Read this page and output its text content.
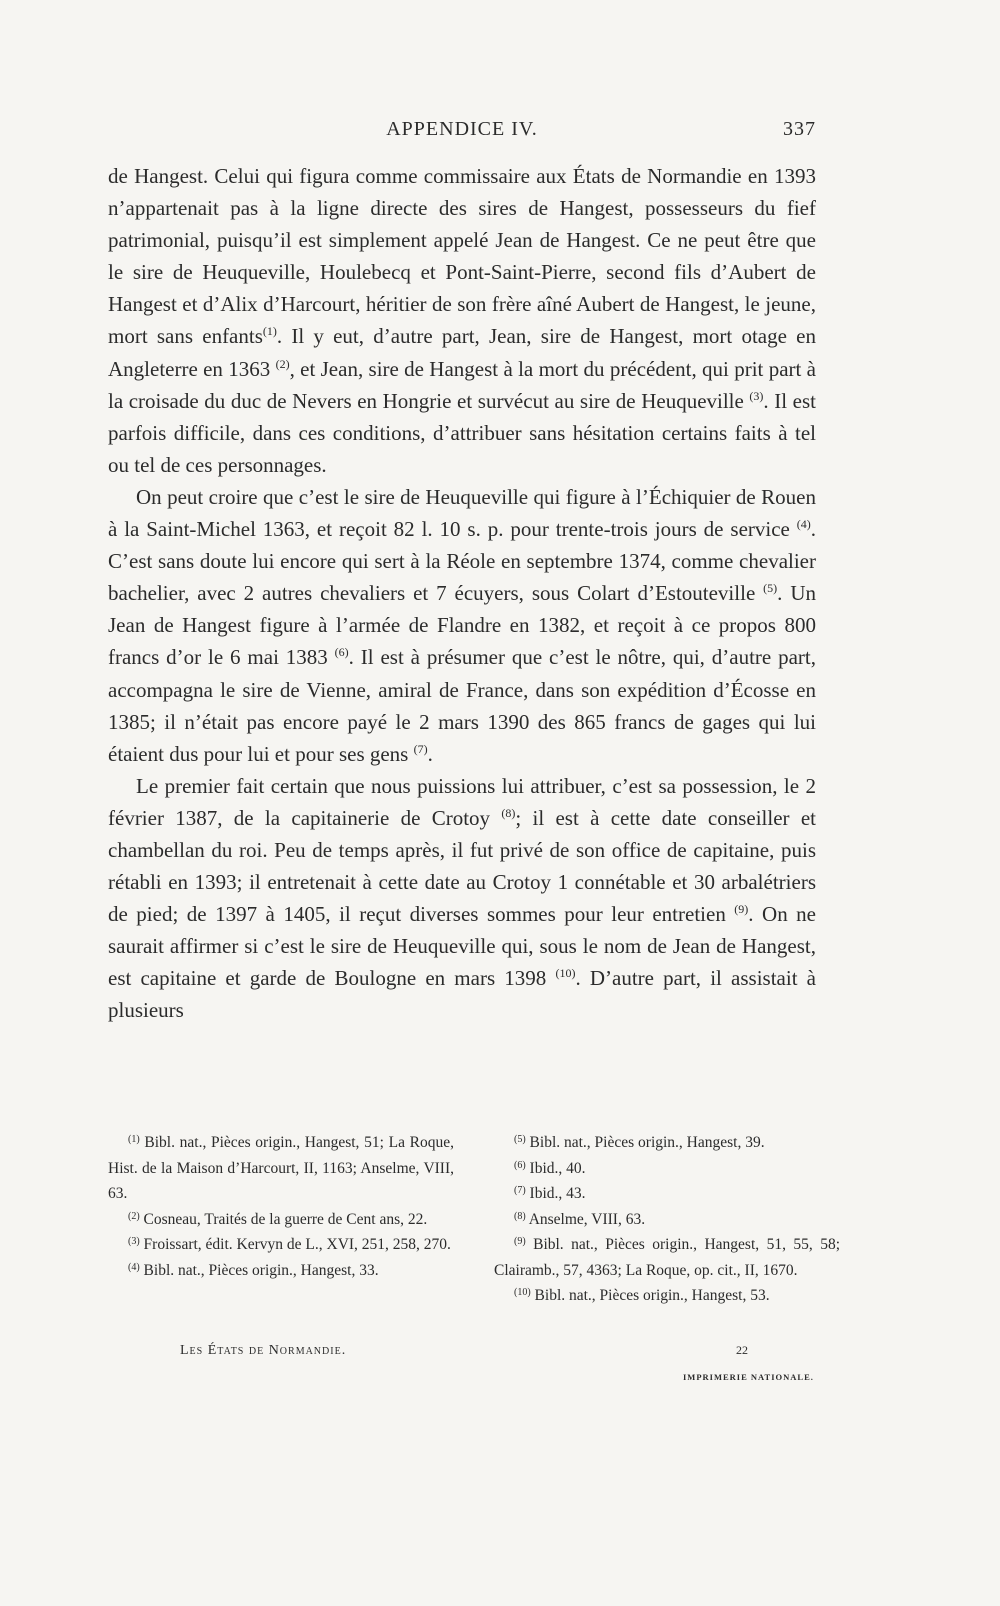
APPENDICE IV.	337

de Hangest. Celui qui figura comme commissaire aux États de Normandie en 1393 n’appartenait pas à la ligne directe des sires de Hangest, possesseurs du fief patrimonial, puisqu’il est simplement appelé Jean de Hangest. Ce ne peut être que le sire de Heuqueville, Houlebecq et Pont-Saint-Pierre, second fils d’Aubert de Hangest et d’Alix d’Harcourt, héritier de son frère aîné Aubert de Hangest, le jeune, mort sans enfants$^{(1)}$. Il y eut, d’autre part, Jean, sire de Hangest, mort otage en Angleterre en 1363 $^{(2)}$, et Jean, sire de Hangest à la mort du précédent, qui prit part à la croisade du duc de Nevers en Hongrie et survécut au sire de Heuqueville $^{(3)}$. Il est parfois difficile, dans ces conditions, d’attribuer sans hésitation certains faits à tel ou tel de ces personnages.

On peut croire que c’est le sire de Heuqueville qui figure à l’Échiquier de Rouen à la Saint-Michel 1363, et reçoit 82 l. 10 s. p. pour trente-trois jours de service $^{(4)}$. C’est sans doute lui encore qui sert à la Réole en septembre 1374, comme chevalier bachelier, avec 2 autres chevaliers et 7 écuyers, sous Colart d’Estouteville $^{(5)}$. Un Jean de Hangest figure à l’armée de Flandre en 1382, et reçoit à ce propos 800 francs d’or le 6 mai 1383 $^{(6)}$. Il est à présumer que c’est le nôtre, qui, d’autre part, accompagna le sire de Vienne, amiral de France, dans son expédition d’Écosse en 1385; il n’était pas encore payé le 2 mars 1390 des 865 francs de gages qui lui étaient dus pour lui et pour ses gens $^{(7)}$.

Le premier fait certain que nous puissions lui attribuer, c’est sa possession, le 2 février 1387, de la capitainerie de Crotoy $^{(8)}$; il est à cette date conseiller et chambellan du roi. Peu de temps après, il fut privé de son office de capitaine, puis rétabli en 1393; il entretenait à cette date au Crotoy 1 connétable et 30 arbalétriers de pied; de 1397 à 1405, il reçut diverses sommes pour leur entretien $^{(9)}$. On ne saurait affirmer si c’est le sire de Heuqueville qui, sous le nom de Jean de Hangest, est capitaine et garde de Boulogne en mars 1398 $^{(10)}$. D’autre part, il assistait à plusieurs

$^{(1)}$ Bibl. nat., Pièces origin., Hangest, 51; La Roque, Hist. de la Maison d’Harcourt, II, 1163; Anselme, VIII, 63.

$^{(2)}$ Cosneau, Traités de la guerre de Cent ans, 22.

$^{(3)}$ Froissart, édit. Kervyn de L., XVI, 251, 258, 270.

$^{(4)}$ Bibl. nat., Pièces origin., Hangest, 33.

$^{(5)}$ Bibl. nat., Pièces origin., Hangest, 39.

$^{(6)}$ Ibid., 40.

$^{(7)}$ Ibid., 43.

$^{(8)}$ Anselme, VIII, 63.

$^{(9)}$ Bibl. nat., Pièces origin., Hangest, 51, 55, 58; Clairamb., 57, 4363; La Roque, op. cit., II, 1670.

$^{(10)}$ Bibl. nat., Pièces origin., Hangest, 53.

Les États de Normandie.	22
IMPRIMERIE NATIONALE.
